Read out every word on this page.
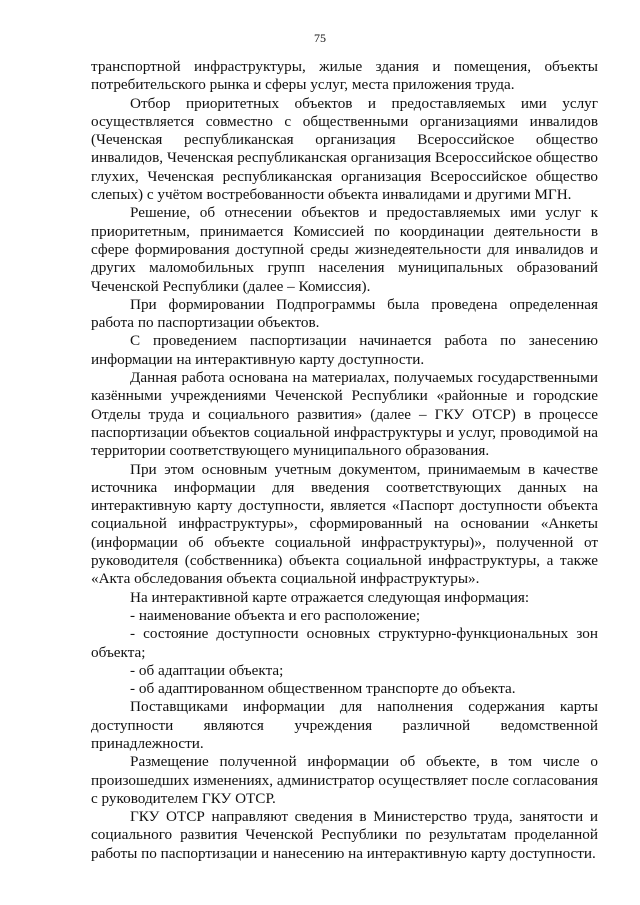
75

транспортной инфраструктуры, жилые здания и помещения, объекты потребительского рынка и сферы услуг, места приложения труда.

Отбор приоритетных объектов и предоставляемых ими услуг осуществляется совместно с общественными организациями инвалидов (Чеченская республиканская организация Всероссийское общество инвалидов, Чеченская республиканская организация Всероссийское общество глухих, Чеченская республиканская организация Всероссийское общество слепых) с учётом востребованности объекта инвалидами и другими МГН.

Решение, об отнесении объектов и предоставляемых ими услуг к приоритетным, принимается Комиссией по координации деятельности в сфере формирования доступной среды жизнедеятельности для инвалидов и других маломобильных групп населения муниципальных образований Чеченской Республики (далее – Комиссия).

При формировании Подпрограммы была проведена определенная работа по паспортизации объектов.

С проведением паспортизации начинается работа по занесению информации на интерактивную карту доступности.

Данная работа основана на материалах, получаемых государственными казёнными учреждениями Чеченской Республики «районные и городские Отделы труда и социального развития» (далее – ГКУ ОТСР) в процессе паспортизации объектов социальной инфраструктуры и услуг, проводимой на территории соответствующего муниципального образования.

При этом основным учетным документом, принимаемым в качестве источника информации для введения соответствующих данных на интерактивную карту доступности, является «Паспорт доступности объекта социальной инфраструктуры», сформированный на основании «Анкеты (информации об объекте социальной инфраструктуры)», полученной от руководителя (собственника) объекта социальной инфраструктуры, а также «Акта обследования объекта социальной инфраструктуры».

На интерактивной карте отражается следующая информация:

- наименование объекта и его расположение;

- состояние доступности основных структурно-функциональных зон объекта;

- об адаптации объекта;

- об адаптированном общественном транспорте до объекта.

Поставщиками информации для наполнения содержания карты доступности являются учреждения различной ведомственной принадлежности.

Размещение полученной информации об объекте, в том числе о произошедших изменениях, администратор осуществляет после согласования с руководителем ГКУ ОТСР.

ГКУ ОТСР направляют сведения в Министерство труда, занятости и социального развития Чеченской Республики по результатам проделанной работы по паспортизации и нанесению на интерактивную карту доступности.
